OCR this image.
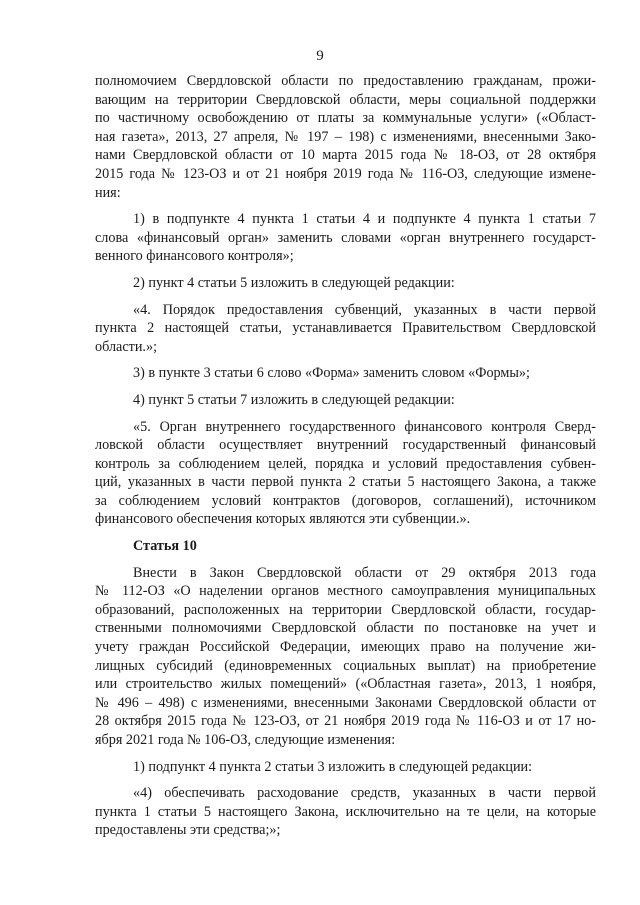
9
полномочием Свердловской области по предоставлению гражданам, прожи-
вающим на территории Свердловской области, меры социальной поддержки
по частичному освобождению от платы за коммунальные услуги» («Област-
ная газета», 2013, 27 апреля, № 197 – 198) с изменениями, внесенными Зако-
нами Свердловской области от 10 марта 2015 года № 18-ОЗ, от 28 октября
2015 года № 123-ОЗ и от 21 ноября 2019 года № 116-ОЗ, следующие измене-
ния:
1) в подпункте 4 пункта 1 статьи 4 и подпункте 4 пункта 1 статьи 7
слова «финансовый орган» заменить словами «орган внутреннего государст-
венного финансового контроля»;
2) пункт 4 статьи 5 изложить в следующей редакции:
«4. Порядок предоставления субвенций, указанных в части первой
пункта 2 настоящей статьи, устанавливается Правительством Свердловской
области.»;
3) в пункте 3 статьи 6 слово «Форма» заменить словом «Формы»;
4) пункт 5 статьи 7 изложить в следующей редакции:
«5. Орган внутреннего государственного финансового контроля Сверд-
ловской области осуществляет внутренний государственный финансовый
контроль за соблюдением целей, порядка и условий предоставления субвен-
ций, указанных в части первой пункта 2 статьи 5 настоящего Закона, а также
за соблюдением условий контрактов (договоров, соглашений), источником
финансового обеспечения которых являются эти субвенции.».
Статья 10
Внести в Закон Свердловской области от 29 октября 2013 года
№ 112-ОЗ «О наделении органов местного самоуправления муниципальных
образований, расположенных на территории Свердловской области, государ-
ственными полномочиями Свердловской области по постановке на учет и
учету граждан Российской Федерации, имеющих право на получение жи-
лищных субсидий (единовременных социальных выплат) на приобретение
или строительство жилых помещений» («Областная газета», 2013, 1 ноября,
№ 496 – 498) с изменениями, внесенными Законами Свердловской области от
28 октября 2015 года № 123-ОЗ, от 21 ноября 2019 года № 116-ОЗ и от 17 но-
ября 2021 года № 106-ОЗ, следующие изменения:
1) подпункт 4 пункта 2 статьи 3 изложить в следующей редакции:
«4) обеспечивать расходование средств, указанных в части первой
пункта 1 статьи 5 настоящего Закона, исключительно на те цели, на которые
предоставлены эти средства;»;
